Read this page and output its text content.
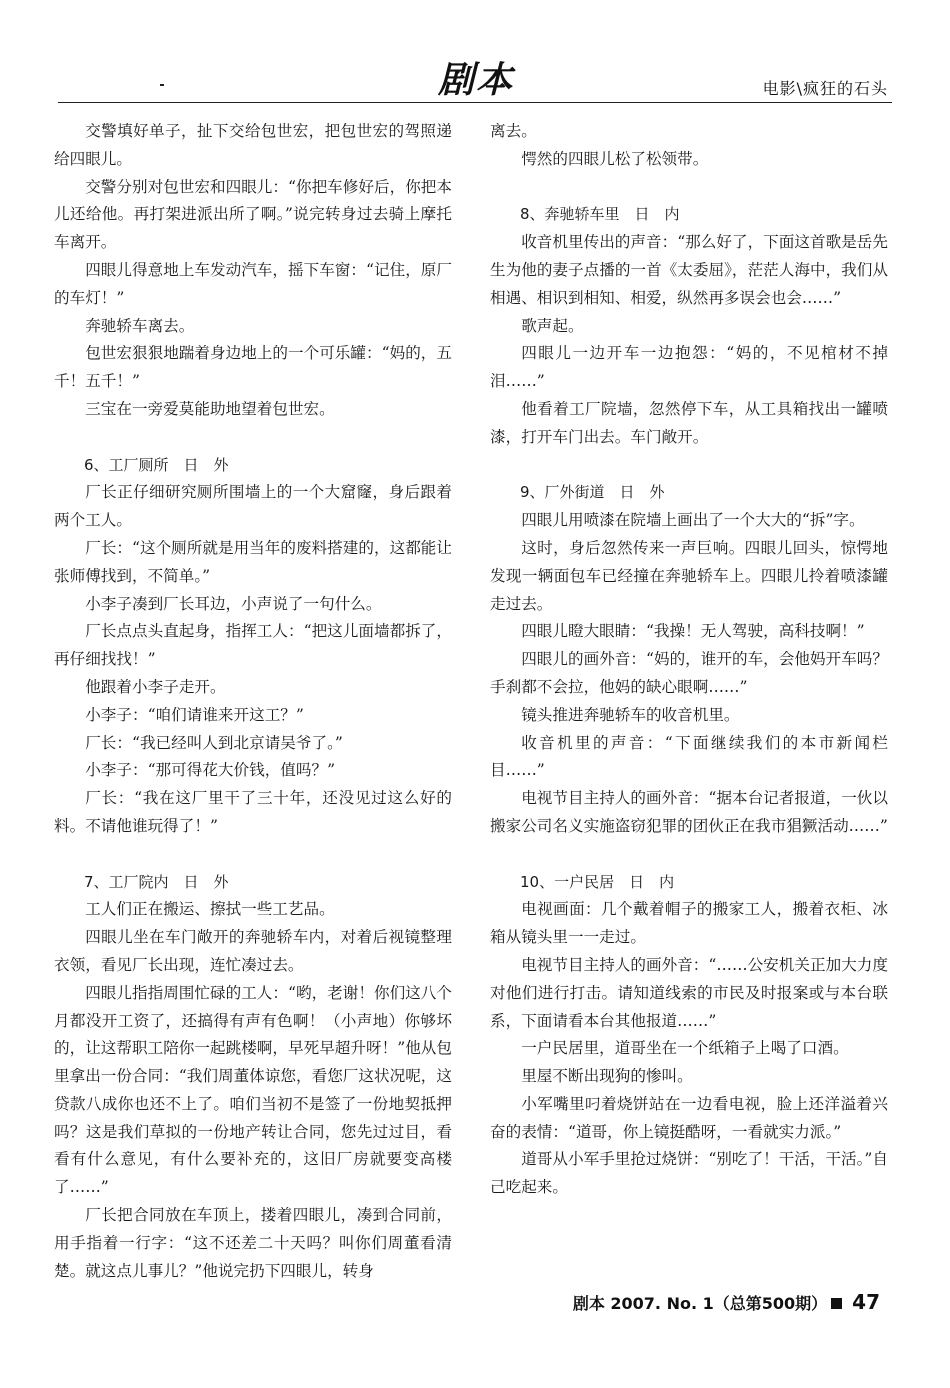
剧本	电影\疯狂的石头

交警填好单子，扯下交给包世宏，把包世宏的驾照递给四眼儿。

交警分别对包世宏和四眼儿：“你把车修好后，你把本儿还给他。再打架进派出所了啊。”说完转身过去骑上摩托车离开。

四眼儿得意地上车发动汽车，摇下车窗：“记住，原厂的车灯！”

奔驰轿车离去。

包世宏狠狠地踹着身边地上的一个可乐罐：“妈的，五千！五千！”

三宝在一旁爱莫能助地望着包世宏。

6、工厂厕所　日　外

厂长正仔细研究厕所围墙上的一个大窟窿，身后跟着两个工人。

厂长：“这个厕所就是用当年的废料搭建的，这都能让张师傅找到，不简单。”

小李子凑到厂长耳边，小声说了一句什么。

厂长点点头直起身，指挥工人：“把这儿面墙都拆了，再仔细找找！”

他跟着小李子走开。

小李子：“咱们请谁来开这工？”

厂长：“我已经叫人到北京请吴爷了。”

小李子：“那可得花大价钱，值吗？”

厂长：“我在这厂里干了三十年，还没见过这么好的料。不请他谁玩得了！”

7、工厂院内　日　外

工人们正在搬运、擦拭一些工艺品。

四眼儿坐在车门敞开的奔驰轿车内，对着后视镜整理衣领，看见厂长出现，连忙凑过去。

四眼儿指指周围忙碌的工人：“哟，老谢！你们这八个月都没开工资了，还搞得有声有色啊！（小声地）你够坏的，让这帮职工陪你一起跳楼啊，早死早超升呀！”他从包里拿出一份合同：“我们周董体谅您，看您厂这状况呢，这贷款八成你也还不上了。咱们当初不是签了一份地契抵押吗？这是我们草拟的一份地产转让合同，您先过过目，看看有什么意见，有什么要补充的，这旧厂房就要变高楼了……”

厂长把合同放在车顶上，搂着四眼儿，凑到合同前，用手指着一行字：“这不还差二十天吗？叫你们周董看清楚。就这点儿事儿？”他说完扔下四眼儿，转身

离去。

愕然的四眼儿松了松领带。

8、奔驰轿车里　日　内

收音机里传出的声音：“那么好了，下面这首歌是岳先生为他的妻子点播的一首《太委屈》，茫茫人海中，我们从相遇、相识到相知、相爱，纵然再多误会也会……”

歌声起。

四眼儿一边开车一边抱怨：“妈的，不见棺材不掉泪……”

他看着工厂院墙，忽然停下车，从工具箱找出一罐喷漆，打开车门出去。车门敞开。

9、厂外街道　日　外

四眼儿用喷漆在院墙上画出了一个大大的“拆”字。

这时，身后忽然传来一声巨响。四眼儿回头，惊愕地发现一辆面包车已经撞在奔驰轿车上。四眼儿拎着喷漆罐走过去。

四眼儿瞪大眼睛：“我操！无人驾驶，高科技啊！”

四眼儿的画外音：“妈的，谁开的车，会他妈开车吗？手刹都不会拉，他妈的缺心眼啊……”

镜头推进奔驰轿车的收音机里。

收音机里的声音：“下面继续我们的本市新闻栏目……”

电视节目主持人的画外音：“据本台记者报道，一伙以搬家公司名义实施盗窃犯罪的团伙正在我市猖獗活动……”

10、一户民居　日　内

电视画面：几个戴着帽子的搬家工人，搬着衣柜、冰箱从镜头里一一走过。

电视节目主持人的画外音：“……公安机关正加大力度对他们进行打击。请知道线索的市民及时报案或与本台联系，下面请看本台其他报道……”

一户民居里，道哥坐在一个纸箱子上喝了口酒。

里屋不断出现狗的惨叫。

小军嘴里叼着烧饼站在一边看电视，脸上还洋溢着兴奋的表情：“道哥，你上镜挺酷呀，一看就实力派。”

道哥从小军手里抢过烧饼：“别吃了！干活，干活。”自己吃起来。

剧本 2007. No. 1（总第500期） 47
